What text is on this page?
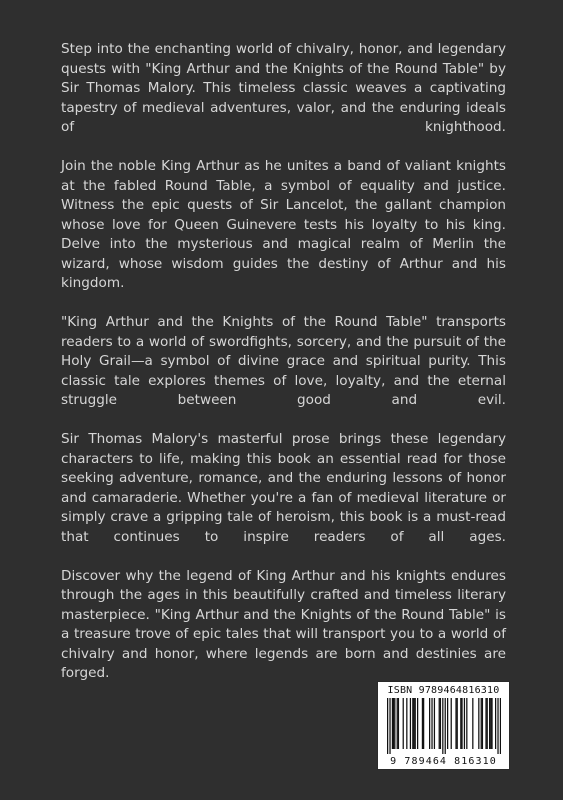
Step into the enchanting world of chivalry, honor, and legendary quests with "King Arthur and the Knights of the Round Table" by Sir Thomas Malory. This timeless classic weaves a captivating tapestry of medieval adventures, valor, and the enduring ideals of knighthood.

Join the noble King Arthur as he unites a band of valiant knights at the fabled Round Table, a symbol of equality and justice. Witness the epic quests of Sir Lancelot, the gallant champion whose love for Queen Guinevere tests his loyalty to his king. Delve into the mysterious and magical realm of Merlin the wizard, whose wisdom guides the destiny of Arthur and his kingdom.

"King Arthur and the Knights of the Round Table" transports readers to a world of swordfights, sorcery, and the pursuit of the Holy Grail—a symbol of divine grace and spiritual purity. This classic tale explores themes of love, loyalty, and the eternal struggle between good and evil.

Sir Thomas Malory's masterful prose brings these legendary characters to life, making this book an essential read for those seeking adventure, romance, and the enduring lessons of honor and camaraderie. Whether you're a fan of medieval literature or simply crave a gripping tale of heroism, this book is a must-read that continues to inspire readers of all ages.

Discover why the legend of King Arthur and his knights endures through the ages in this beautifully crafted and timeless literary masterpiece. "King Arthur and the Knights of the Round Table" is a treasure trove of epic tales that will transport you to a world of chivalry and honor, where legends are born and destinies are forged.

ISBN 9789464816310
9 789464 816310
